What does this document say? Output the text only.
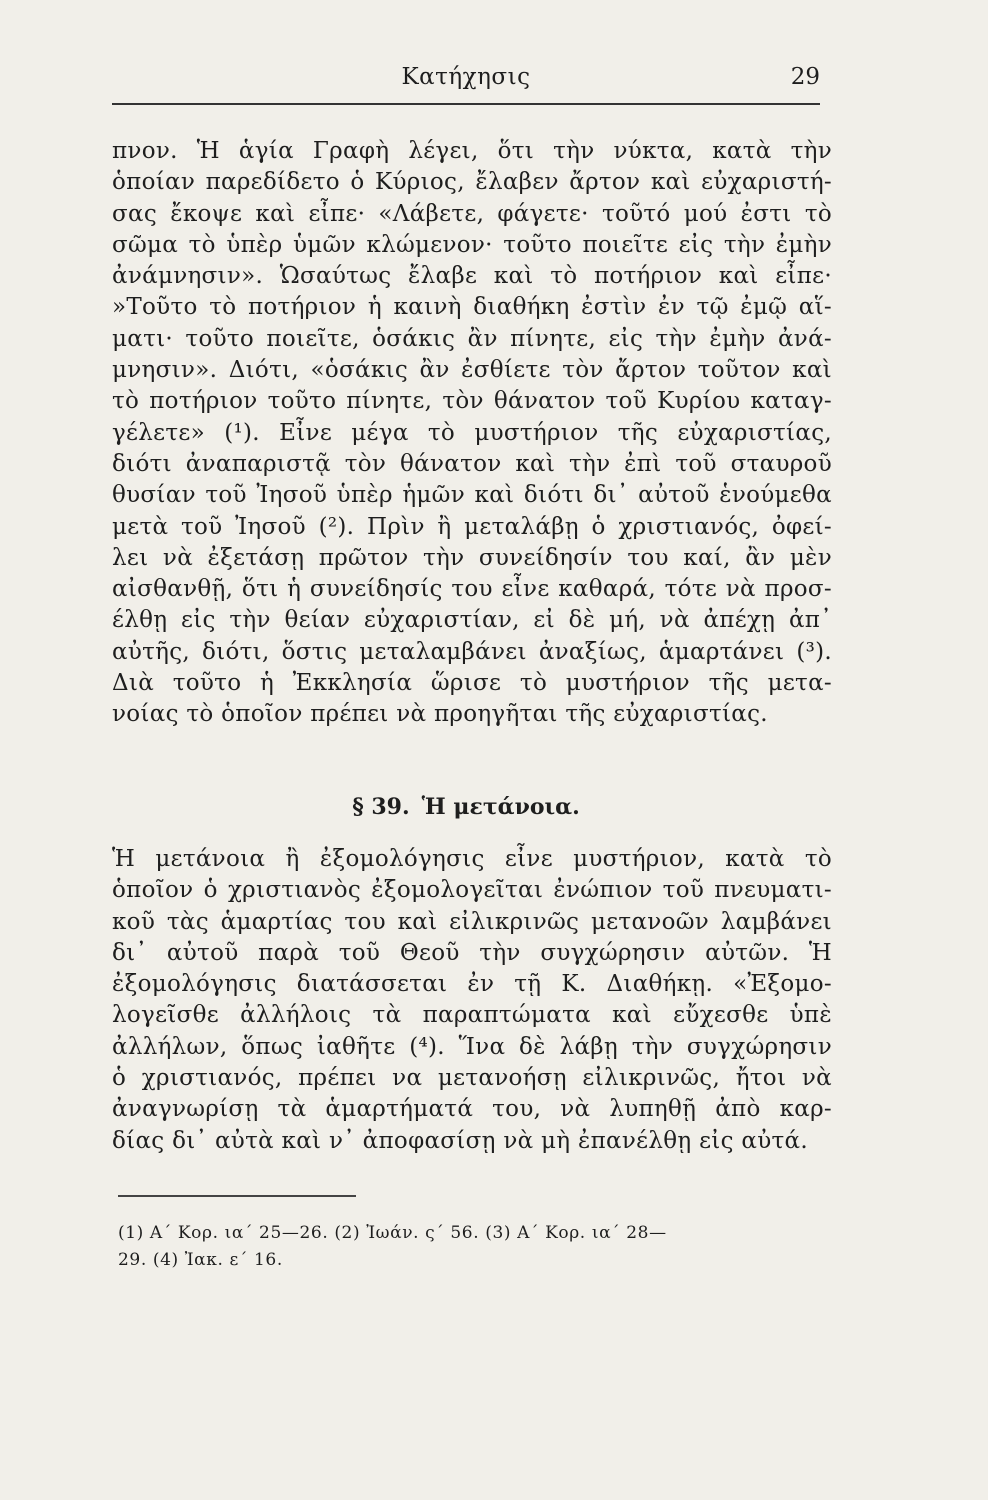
Κατήχησις	29
πνον. Ἡ ἁγία Γραφὴ λέγει, ὅτι τὴν νύκτα, κατὰ τὴν
ὁποίαν παρεδίδετο ὁ Κύριος, ἔλαβεν ἄρτον καὶ εὐχαριστή-
σας ἔκοψε καὶ εἶπε· «Λάβετε, φάγετε· τοῦτό μού ἐστι τὸ
σῶμα τὸ ὑπὲρ ὑμῶν κλώμενον· τοῦτο ποιεῖτε εἰς τὴν ἐμὴν
ἀνάμνησιν». Ὡσαύτως ἔλαβε καὶ τὸ ποτήριον καὶ εἶπε·
»Τοῦτο τὸ ποτήριον ἡ καινὴ διαθήκη ἐστὶν ἐν τῷ ἐμῷ αἵ-
ματι· τοῦτο ποιεῖτε, ὁσάκις ἂν πίνητε, εἰς τὴν ἐμὴν ἀνά-
μνησιν». Διότι, «ὁσάκις ἂν ἐσθίετε τὸν ἄρτον τοῦτον καὶ
τὸ ποτήριον τοῦτο πίνητε, τὸν θάνατον τοῦ Κυρίου καταγ-
γέλετε» (¹). Εἶνε μέγα τὸ μυστήριον τῆς εὐχαριστίας,
διότι ἀναπαριστᾷ τὸν θάνατον καὶ τὴν ἐπὶ τοῦ σταυροῦ
θυσίαν τοῦ Ἰησοῦ ὑπὲρ ἡμῶν καὶ διότι δι᾽ αὐτοῦ ἑνούμεθα
μετὰ τοῦ Ἰησοῦ (²). Πρὶν ἢ μεταλάβῃ ὁ χριστιανός, ὀφεί-
λει νὰ ἐξετάσῃ πρῶτον τὴν συνείδησίν του καί, ἂν μὲν
αἰσθανθῇ, ὅτι ἡ συνείδησίς του εἶνε καθαρά, τότε νὰ προσ-
έλθῃ εἰς τὴν θείαν εὐχαριστίαν, εἰ δὲ μή, νὰ ἀπέχῃ ἀπ᾽
αὐτῆς, διότι, ὅστις μεταλαμβάνει ἀναξίως, ἁμαρτάνει (³).
Διὰ τοῦτο ἡ Ἐκκλησία ὥρισε τὸ μυστήριον τῆς μετα-
νοίας τὸ ὁποῖον πρέπει νὰ προηγῆται τῆς εὐχαριστίας.
§ 39. Ἡ μετάνοια.
Ἡ μετάνοια ἢ ἐξομολόγησις εἶνε μυστήριον, κατὰ τὸ
ὁποῖον ὁ χριστιανὸς ἐξομολογεῖται ἐνώπιον τοῦ πνευματι-
κοῦ τὰς ἁμαρτίας του καὶ εἰλικρινῶς μετανοῶν λαμβάνει
δι᾽ αὐτοῦ παρὰ τοῦ Θεοῦ τὴν συγχώρησιν αὐτῶν. Ἡ
ἐξομολόγησις διατάσσεται ἐν τῇ Κ. Διαθήκῃ. «Ἐξομο-
λογεῖσθε ἀλλήλοις τὰ παραπτώματα καὶ εὔχεσθε ὑπὲ
ἀλλήλων, ὅπως ἰαθῆτε (⁴). Ἵνα δὲ λάβῃ τὴν συγχώρησιν
ὁ χριστιανός, πρέπει να μετανοήσῃ εἰλικρινῶς, ἤτοι νὰ
ἀναγνωρίσῃ τὰ ἁμαρτήματά του, νὰ λυπηθῇ ἀπὸ καρ-
δίας δι᾽ αὐτὰ καὶ ν᾽ ἀποφασίσῃ νὰ μὴ ἐπανέλθῃ εἰς αὐτά.
(1) Α΄ Κορ. ια΄ 25—26. (2) Ἰωάν. ς΄ 56. (3) Α΄ Κορ. ια΄ 28—
29. (4) Ἰακ. ε΄ 16.
